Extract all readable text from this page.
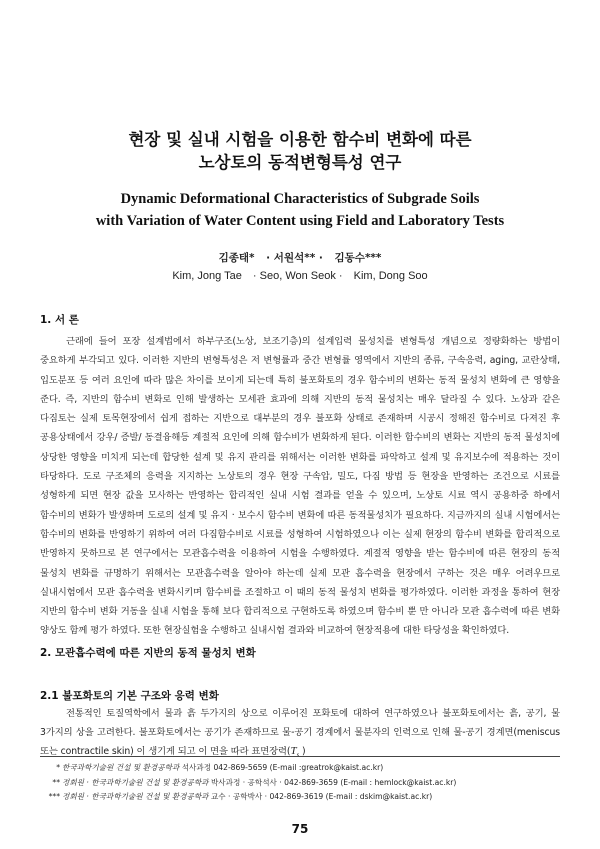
현장 및 실내 시험을 이용한 함수비 변화에 따른
노상토의 동적변형특성 연구
Dynamic Deformational Characteristics of Subgrade Soils
with Variation of Water Content using Field and Laboratory Tests
김종태* · 서원석** · 김동수***
Kim, Jong Tae · Seo, Won Seok · Kim, Dong Soo
1. 서 론

근래에 들어 포장 설계법에서 하부구조(노상, 보조기층)의 설계입력 물성치를 변형특성 개념으로 정량화하는 방법이 중요하게 부각되고 있다. 이러한 지반의 변형특성은 저 변형률과 중간 변형률 영역에서 지반의 종류, 구속응력, aging, 교란상태, 입도분포 등 여러 요인에 따라 많은 차이를 보이게 되는데 특히 불포화토의 경우 함수비의 변화는 동적 물성치 변화에 큰 영향을 준다. 즉, 지반의 함수비 변화로 인해 발생하는 모세관 효과에 의해 지반의 동적 물성치는 매우 달라질 수 있다. 노상과 같은 다짐토는 실제 토목현장에서 쉽게 접하는 지반으로 대부분의 경우 불포화 상태로 존재하며 시공시 정해진 함수비로 다져진 후 공용상태에서 강우/ 증발/ 동결융해등 계절적 요인에 의해 함수비가 변화하게 된다. 이러한 함수비의 변화는 지반의 동적 물성치에 상당한 영향을 미치게 되는데 합당한 설계 및 유지 관리를 위해서는 이러한 변화를 파악하고 설계 및 유지보수에 적용하는 것이 타당하다. 도로 구조체의 응력을 지지하는 노상토의 경우 현장 구속압, 밀도, 다짐 방법 등 현장을 반영하는 조건으로 시료를 성형하게 되면 현장 값을 모사하는 반영하는 합리적인 실내 시험 결과를 얻을 수 있으며, 노상토 시료 역시 공용하중 하에서 함수비의 변화가 발생하며 도로의 설계 및 유지 · 보수시 함수비 변화에 따른 동적물성치가 필요하다. 지금까지의 실내 시험에서는 함수비의 변화를 반영하기 위하여 여러 다짐함수비로 시료를 성형하여 시험하였으나 이는 실제 현장의 함수비 변화를 합리적으로 반영하지 못하므로 본 연구에서는 모관흡수력을 이용하여 시험을 수행하였다. 계절적 영향을 받는 함수비에 따른 현장의 동적 물성치 변화를 규명하기 위해서는 모관흡수력을 알아야 하는데 실제 모관 흡수력을 현장에서 구하는 것은 매우 어려우므로 실내시험에서 모관 흡수력을 변화시키며 함수비를 조절하고 이 때의 동적 물성치 변화를 평가하였다. 이러한 과정을 통하여 현장 지반의 함수비 변화 거동을 실내 시험을 통해 보다 합리적으로 구현하도록 하였으며 함수비 뿐 만 아니라 모관 흡수력에 따른 변화 양상도 함께 평가 하였다. 또한 현장실험을 수행하고 실내시험 결과와 비교하여 현장적용에 대한 타당성을 확인하였다.

2. 모관흡수력에 따른 지반의 동적 물성치 변화
2.1 불포화토의 기본 구조와 응력 변화

전통적인 토질역학에서 물과 흙 두가지의 상으로 이루어진 포화토에 대하여 연구하였으나 불포화토에서는 흙, 공기, 물 3가지의 상을 고려한다. 불포화토에서는 공기가 존재하므로 물-공기 경계에서 물분자의 인력으로 인해 물-공기 경계면(meniscus 또는 contractile skin) 이 생기게 되고 이 면을 따라 표면장력($T_s$ )

* 한국과학기술원 건설 및 환경공학과 석사과정 042-869-5659 (E-mail :greatrok@kaist.ac.kr)
** 정회원 · 한국과학기술원 건설 및 환경공학과 박사과정 · 공학석사 · 042-869-3659 (E-mail : hemlock@kaist.ac.kr)
*** 정회원 · 한국과학기술원 건설 및 환경공학과 교수 · 공학박사 · 042-869-3619 (E-mail : dskim@kaist.ac.kr)
75
